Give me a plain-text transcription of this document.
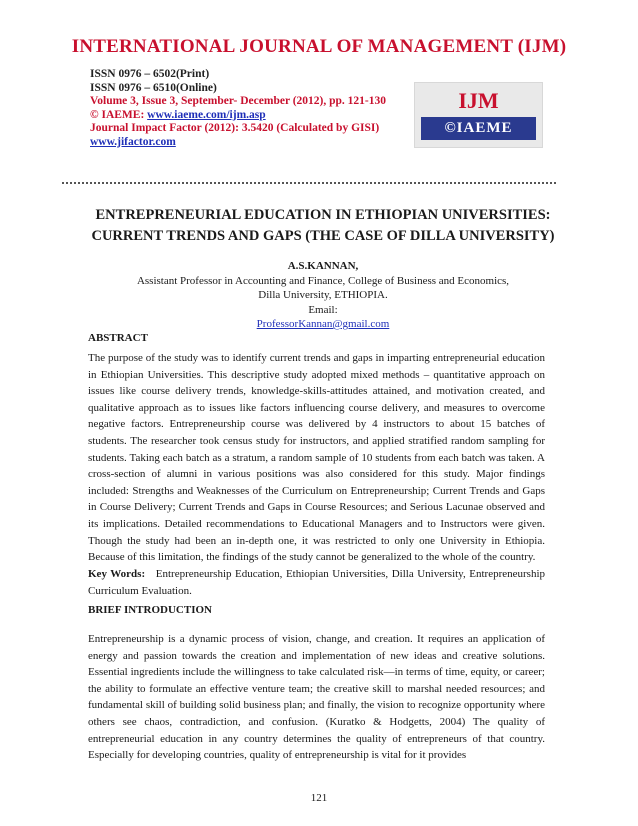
INTERNATIONAL JOURNAL OF MANAGEMENT (IJM)
ISSN 0976 – 6502(Print)
ISSN 0976 – 6510(Online)
Volume 3, Issue 3, September- December (2012), pp. 121-130
© IAEME: www.iaeme.com/ijm.asp
Journal Impact Factor (2012): 3.5420 (Calculated by GISI)
www.jifactor.com
IJM
©IAEME
ENTREPRENEURIAL EDUCATION IN ETHIOPIAN UNIVERSITIES:
CURRENT TRENDS AND GAPS (THE CASE OF DILLA UNIVERSITY)
A.S.KANNAN,
Assistant Professor in Accounting and Finance, College of Business and Economics,
Dilla University, ETHIOPIA.
Email:
ProfessorKannan@gmail.com
ABSTRACT
The purpose of the study was to identify current trends and gaps in imparting entrepreneurial education in Ethiopian Universities. This descriptive study adopted mixed methods – quantitative approach on issues like course delivery trends, knowledge-skills-attitudes attained, and motivation created, and qualitative approach as to issues like factors influencing course delivery, and measures to overcome negative factors. Entrepreneurship course was delivered by 4 instructors to about 15 batches of students. The researcher took census study for instructors, and applied stratified random sampling for students. Taking each batch as a stratum, a random sample of 10 students from each batch was taken. A cross-section of alumni in various positions was also considered for this study. Major findings included: Strengths and Weaknesses of the Curriculum on Entrepreneurship; Current Trends and Gaps in Course Delivery; Current Trends and Gaps in Course Resources; and Serious Lacunae observed and its implications. Detailed recommendations to Educational Managers and to Instructors were given. Though the study had been an in-depth one, it was restricted to only one University in Ethiopia. Because of this limitation, the findings of the study cannot be generalized to the whole of the country.
Key Words: Entrepreneurship Education, Ethiopian Universities, Dilla University, Entrepreneurship Curriculum Evaluation.
BRIEF INTRODUCTION
Entrepreneurship is a dynamic process of vision, change, and creation. It requires an application of energy and passion towards the creation and implementation of new ideas and creative solutions. Essential ingredients include the willingness to take calculated risk—in terms of time, equity, or career; the ability to formulate an effective venture team; the creative skill to marshal needed resources; and fundamental skill of building solid business plan; and finally, the vision to recognize opportunity where others see chaos, contradiction, and confusion. (Kuratko & Hodgetts, 2004) The quality of entrepreneurial education in any country determines the quality of entrepreneurs of that country. Especially for developing countries, quality of entrepreneurship is vital for it provides
121
